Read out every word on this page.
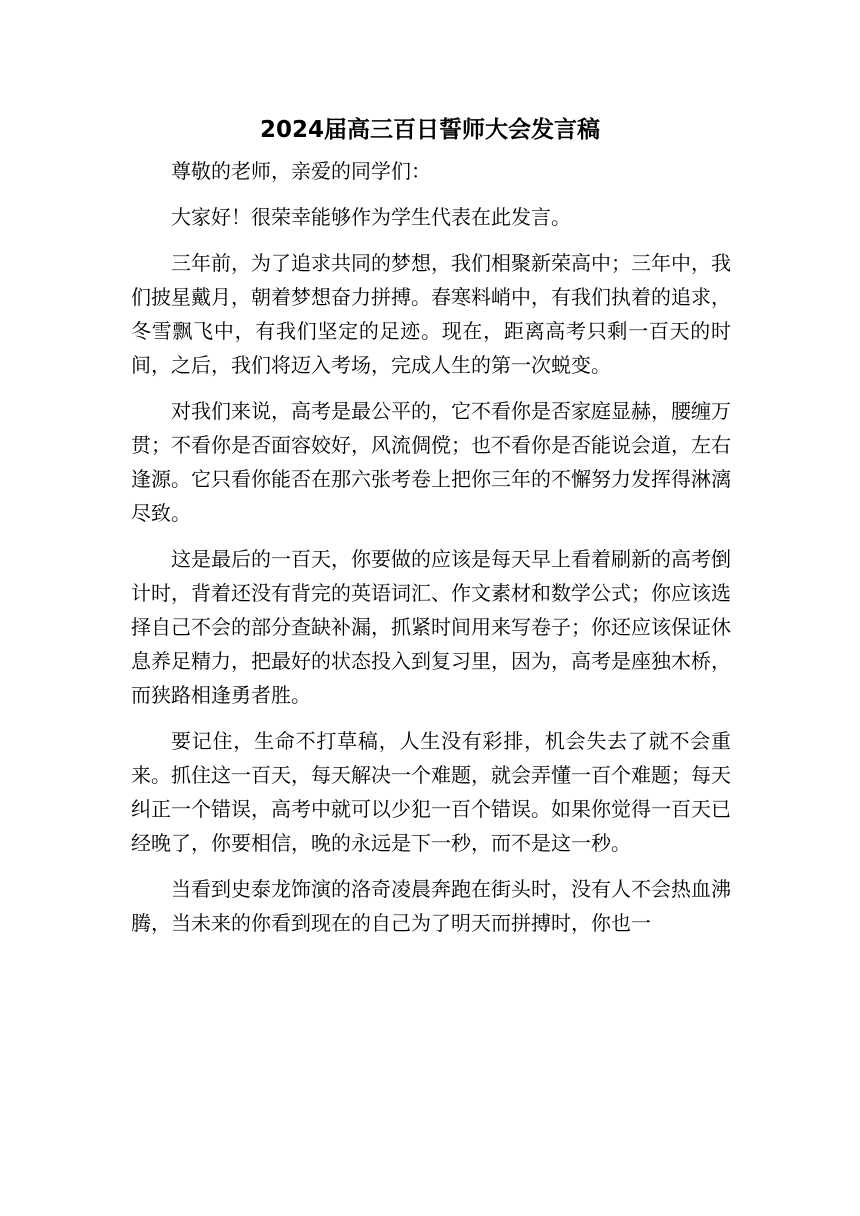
2024届高三百日誓师大会发言稿

尊敬的老师，亲爱的同学们：

大家好！很荣幸能够作为学生代表在此发言。

三年前，为了追求共同的梦想，我们相聚新荣高中；三年中，我们披星戴月，朝着梦想奋力拼搏。春寒料峭中，有我们执着的追求，冬雪飘飞中，有我们坚定的足迹。现在，距离高考只剩一百天的时间，之后，我们将迈入考场，完成人生的第一次蜕变。

对我们来说，高考是最公平的，它不看你是否家庭显赫，腰缠万贯；不看你是否面容姣好，风流倜傥；也不看你是否能说会道，左右逢源。它只看你能否在那六张考卷上把你三年的不懈努力发挥得淋漓尽致。

这是最后的一百天，你要做的应该是每天早上看着刷新的高考倒计时，背着还没有背完的英语词汇、作文素材和数学公式；你应该选择自己不会的部分查缺补漏，抓紧时间用来写卷子；你还应该保证休息养足精力，把最好的状态投入到复习里，因为，高考是座独木桥，而狭路相逢勇者胜。

要记住，生命不打草稿，人生没有彩排，机会失去了就不会重来。抓住这一百天，每天解决一个难题，就会弄懂一百个难题；每天纠正一个错误，高考中就可以少犯一百个错误。如果你觉得一百天已经晚了，你要相信，晚的永远是下一秒，而不是这一秒。

当看到史泰龙饰演的洛奇凌晨奔跑在街头时，没有人不会热血沸腾，当未来的你看到现在的自己为了明天而拼搏时，你也一
